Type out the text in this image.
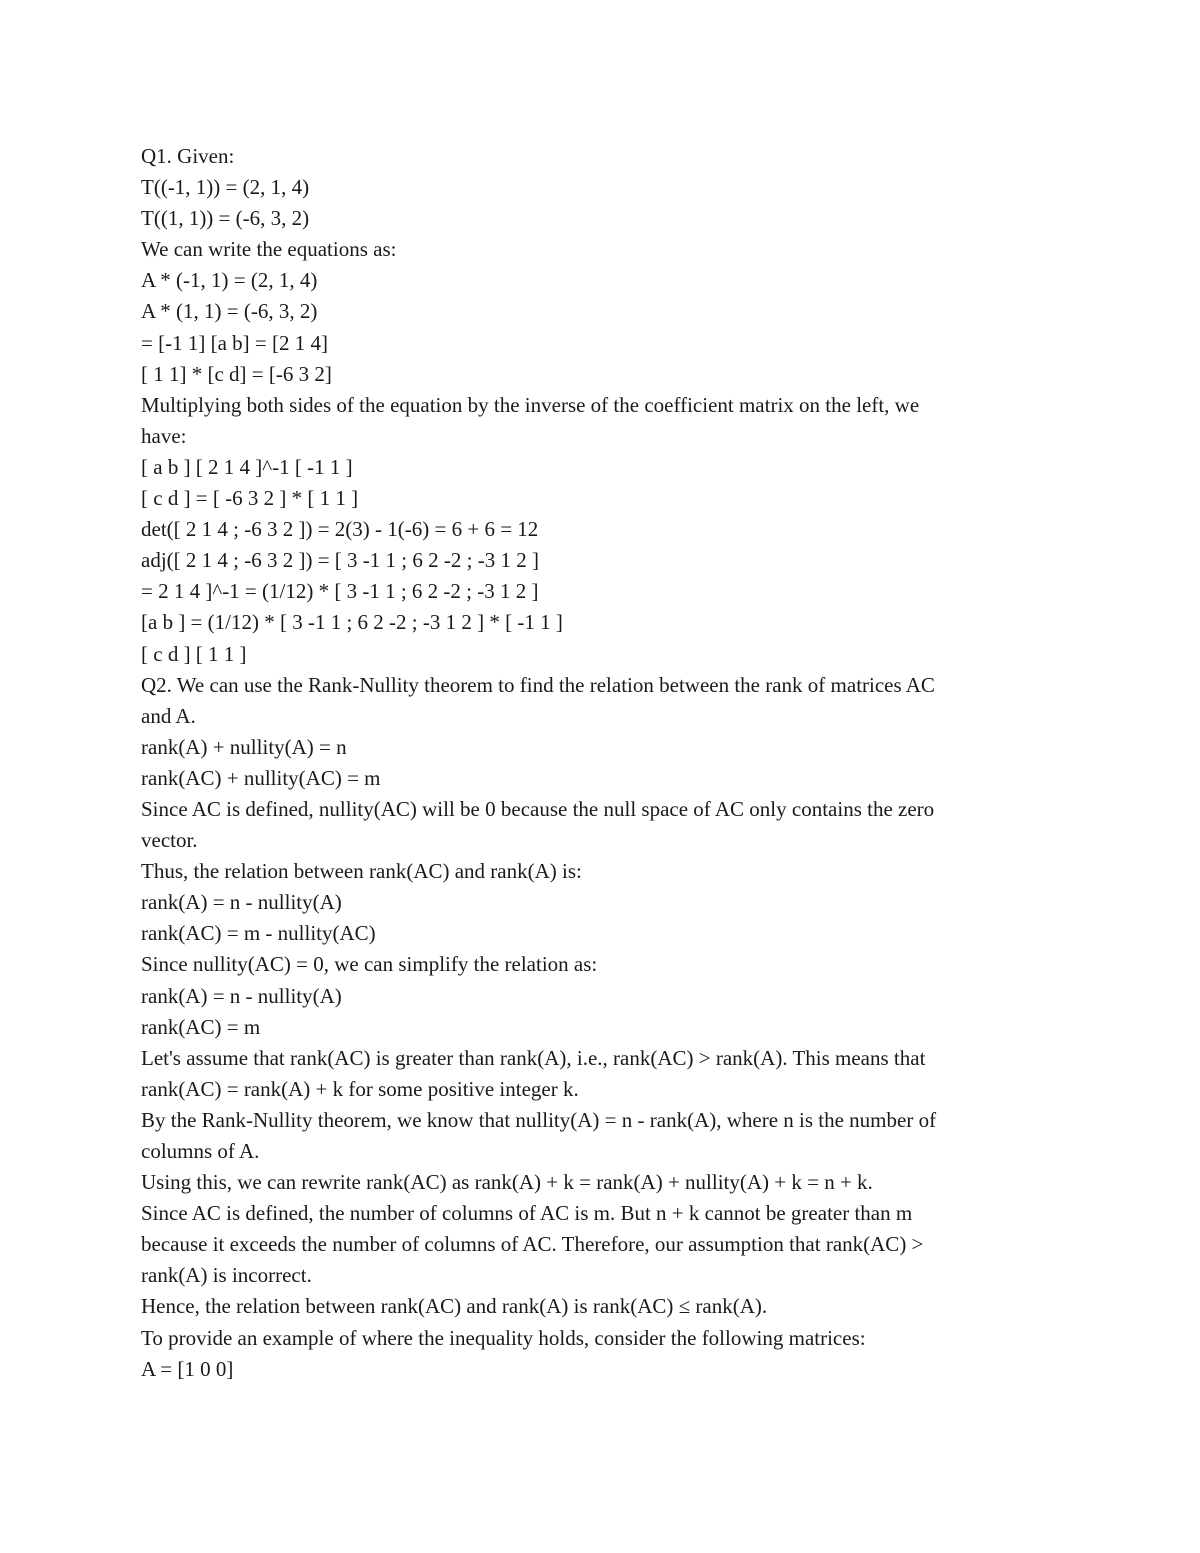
Q1. Given:
T((-1, 1)) = (2, 1, 4)
T((1, 1)) = (-6, 3, 2)
We can write the equations as:
A * (-1, 1) = (2, 1, 4)
A * (1, 1) = (-6, 3, 2)
= [-1 1] [a b] = [2 1 4]
[ 1 1] * [c d] = [-6 3 2]
Multiplying both sides of the equation by the inverse of the coefficient matrix on the left, we
have:
[ a b ] [ 2 1 4 ]^-1 [ -1 1 ]
[ c d ] = [ -6 3 2 ] * [ 1 1 ]
det([ 2 1 4 ; -6 3 2 ]) = 2(3) - 1(-6) = 6 + 6 = 12
adj([ 2 1 4 ; -6 3 2 ]) = [ 3 -1 1 ; 6 2 -2 ; -3 1 2 ]
= 2 1 4 ]^-1 = (1/12) * [ 3 -1 1 ; 6 2 -2 ; -3 1 2 ]
[a b ] = (1/12) * [ 3 -1 1 ; 6 2 -2 ; -3 1 2 ] * [ -1 1 ]
[ c d ] [ 1 1 ]
Q2. We can use the Rank-Nullity theorem to find the relation between the rank of matrices AC
and A.
rank(A) + nullity(A) = n
rank(AC) + nullity(AC) = m
Since AC is defined, nullity(AC) will be 0 because the null space of AC only contains the zero
vector.
Thus, the relation between rank(AC) and rank(A) is:
rank(A) = n - nullity(A)
rank(AC) = m - nullity(AC)
Since nullity(AC) = 0, we can simplify the relation as:
rank(A) = n - nullity(A)
rank(AC) = m
Let's assume that rank(AC) is greater than rank(A), i.e., rank(AC) > rank(A). This means that
rank(AC) = rank(A) + k for some positive integer k.
By the Rank-Nullity theorem, we know that nullity(A) = n - rank(A), where n is the number of
columns of A.
Using this, we can rewrite rank(AC) as rank(A) + k = rank(A) + nullity(A) + k = n + k.
Since AC is defined, the number of columns of AC is m. But n + k cannot be greater than m
because it exceeds the number of columns of AC. Therefore, our assumption that rank(AC) >
rank(A) is incorrect.
Hence, the relation between rank(AC) and rank(A) is rank(AC) ≤ rank(A).
To provide an example of where the inequality holds, consider the following matrices:
A = [1 0 0]
